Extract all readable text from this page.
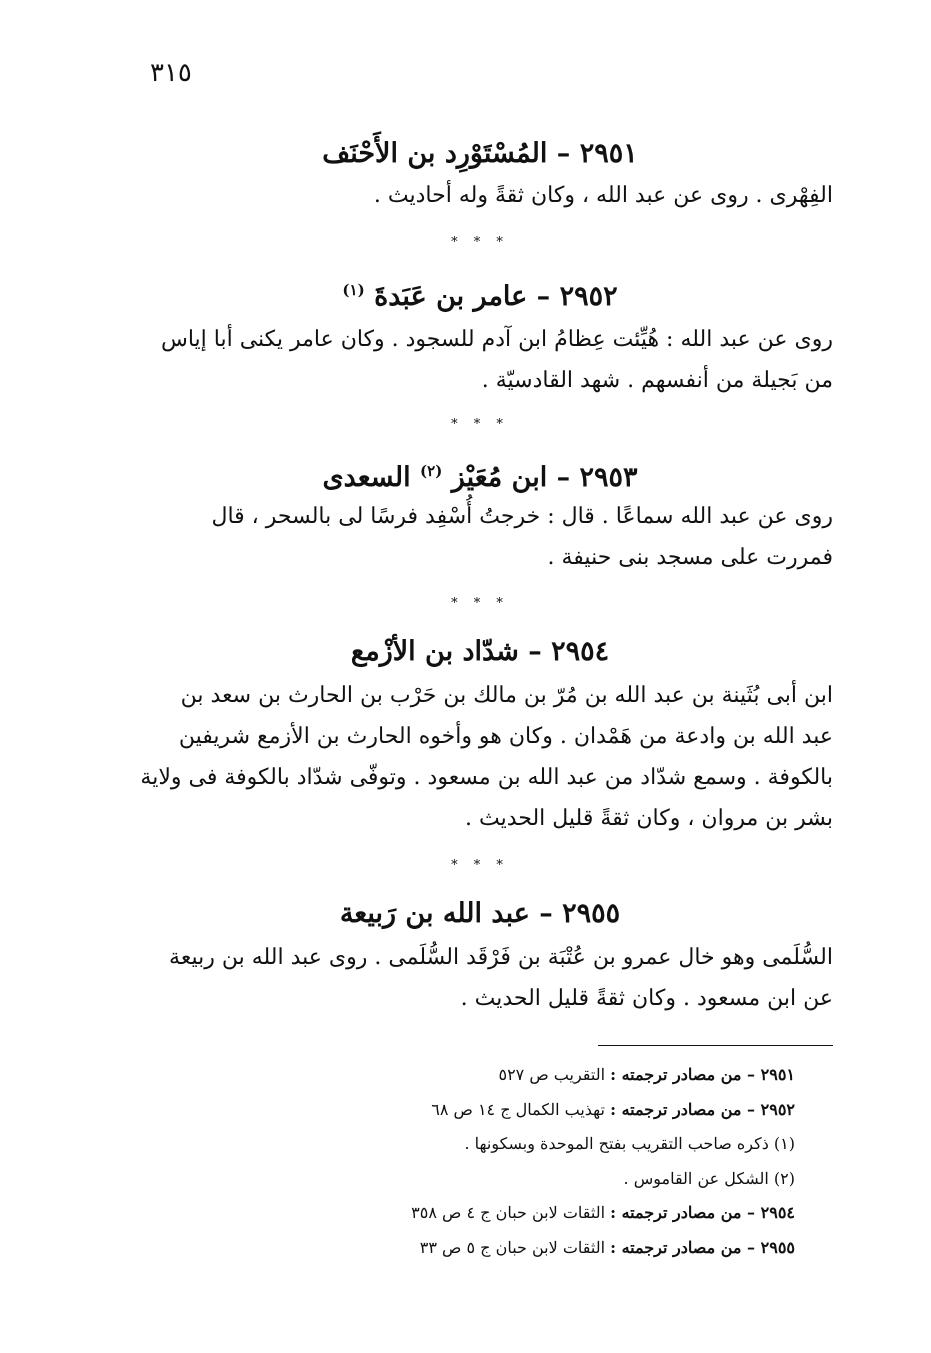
٣١٥
٢٩٥١ – المُسْتَوْرِد بن الأَحْنَف
الفِهْرى . روى عن عبد الله ، وكان ثقةً وله أحاديث .
* * *
٢٩٥٢ – عامر بن عَبَدةَ $^{(١)}$
روى عن عبد الله : هُيِّئت عِظامُ ابن آدم للسجود . وكان عامر يكنى أبا إياس
من بَجيلة من أنفسهم . شهد القادسيّة .
* * *
٢٩٥٣ – ابن مُعَيْز $^{(٢)}$ السعدى
روى عن عبد الله سماعًا . قال : خرجتُ أُسْفِد فرسًا لى بالسحر ، قال
فمررت على مسجد بنى حنيفة .
* * *
٢٩٥٤ – شدّاد بن الأزْمع
ابن أبى بُثَينة بن عبد الله بن مُرّ بن مالك بن حَرْب بن الحارث بن سعد بن
عبد الله بن وادعة من هَمْدان . وكان هو وأخوه الحارث بن الأزمع شريفين
بالكوفة . وسمع شدّاد من عبد الله بن مسعود . وتوفّى شدّاد بالكوفة فى ولاية
بشر بن مروان ، وكان ثقةً قليل الحديث .
* * *
٢٩٥٥ – عبد الله بن رَبيعة
السُّلَمى وهو خال عمرو بن عُتْبَة بن فَرْقَد السُّلَمى . روى عبد الله بن ربيعة
عن ابن مسعود . وكان ثقةً قليل الحديث .
٢٩٥١ – من مصادر ترجمته : التقريب ص ٥٢٧
٢٩٥٢ – من مصادر ترجمته : تهذيب الكمال ج ١٤ ص ٦٨
(١) ذكره صاحب التقريب بفتح الموحدة وبسكونها .
(٢) الشكل عن القاموس .
٢٩٥٤ – من مصادر ترجمته : الثقات لابن حبان ج ٤ ص ٣٥٨
٢٩٥٥ – من مصادر ترجمته : الثقات لابن حبان ج ٥ ص ٣٣
